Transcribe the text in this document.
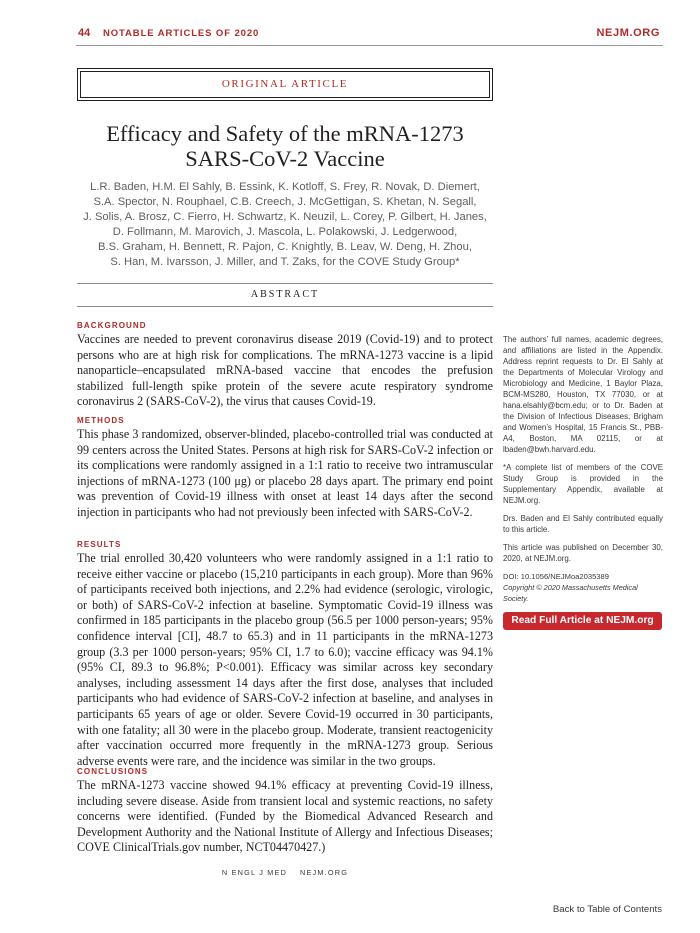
44 NOTABLE ARTICLES OF 2020	NEJM.ORG
ORIGINAL ARTICLE
Efficacy and Safety of the mRNA-1273
SARS-CoV-2 Vaccine
L.R. Baden, H.M. El Sahly, B. Essink, K. Kotloff, S. Frey, R. Novak, D. Diemert,
S.A. Spector, N. Rouphael, C.B. Creech, J. McGettigan, S. Khetan, N. Segall,
J. Solis, A. Brosz, C. Fierro, H. Schwartz, K. Neuzil, L. Corey, P. Gilbert, H. Janes,
D. Follmann, M. Marovich, J. Mascola, L. Polakowski, J. Ledgerwood,
B.S. Graham, H. Bennett, R. Pajon, C. Knightly, B. Leav, W. Deng, H. Zhou,
S. Han, M. Ivarsson, J. Miller, and T. Zaks, for the COVE Study Group*
ABSTRACT
BACKGROUND
Vaccines are needed to prevent coronavirus disease 2019 (Covid-19) and to protect persons who are at high risk for complications. The mRNA-1273 vaccine is a lipid nanoparticle–encapsulated mRNA-based vaccine that encodes the prefusion stabilized full-length spike protein of the severe acute respiratory syndrome coronavirus 2 (SARS-CoV-2), the virus that causes Covid-19.
METHODS
This phase 3 randomized, observer-blinded, placebo-controlled trial was conducted at 99 centers across the United States. Persons at high risk for SARS-CoV-2 infection or its complications were randomly assigned in a 1:1 ratio to receive two intramuscular injections of mRNA-1273 (100 μg) or placebo 28 days apart. The primary end point was prevention of Covid-19 illness with onset at least 14 days after the second injection in participants who had not previously been infected with SARS-CoV-2.
RESULTS
The trial enrolled 30,420 volunteers who were randomly assigned in a 1:1 ratio to receive either vaccine or placebo (15,210 participants in each group). More than 96% of participants received both injections, and 2.2% had evidence (serologic, virologic, or both) of SARS-CoV-2 infection at baseline. Symptomatic Covid-19 illness was confirmed in 185 participants in the placebo group (56.5 per 1000 person-years; 95% confidence interval [CI], 48.7 to 65.3) and in 11 participants in the mRNA-1273 group (3.3 per 1000 person-years; 95% CI, 1.7 to 6.0); vaccine efficacy was 94.1% (95% CI, 89.3 to 96.8%; P<0.001). Efficacy was similar across key secondary analyses, including assessment 14 days after the first dose, analyses that included participants who had evidence of SARS-CoV-2 infection at baseline, and analyses in participants 65 years of age or older. Severe Covid-19 occurred in 30 participants, with one fatality; all 30 were in the placebo group. Moderate, transient reactogenicity after vaccination occurred more frequently in the mRNA-1273 group. Serious adverse events were rare, and the incidence was similar in the two groups.
CONCLUSIONS
The mRNA-1273 vaccine showed 94.1% efficacy at preventing Covid-19 illness, including severe disease. Aside from transient local and systemic reactions, no safety concerns were identified. (Funded by the Biomedical Advanced Research and Development Authority and the National Institute of Allergy and Infectious Diseases; COVE ClinicalTrials.gov number, NCT04470427.)
The authors’ full names, academic degrees, and affiliations are listed in the Appendix. Address reprint requests to Dr. El Sahly at the Departments of Molecular Virology and Microbiology and Medicine, 1 Baylor Plaza, BCM-MS280, Houston, TX 77030, or at hana.elsahly@bcm.edu; or to Dr. Baden at the Division of Infectious Diseases, Brigham and Women’s Hospital, 15 Francis St., PBB-A4, Boston, MA 02115, or at lbaden@bwh.harvard.edu.
*A complete list of members of the COVE Study Group is provided in the Supplementary Appendix, available at NEJM.org.
Drs. Baden and El Sahly contributed equally to this article.
This article was published on December 30, 2020, at NEJM.org.
DOI: 10.1056/NEJMoa2035389
Copyright © 2020 Massachusetts Medical Society.
Read Full Article at NEJM.org
N ENGL J MED    NEJM.ORG
Back to Table of Contents
